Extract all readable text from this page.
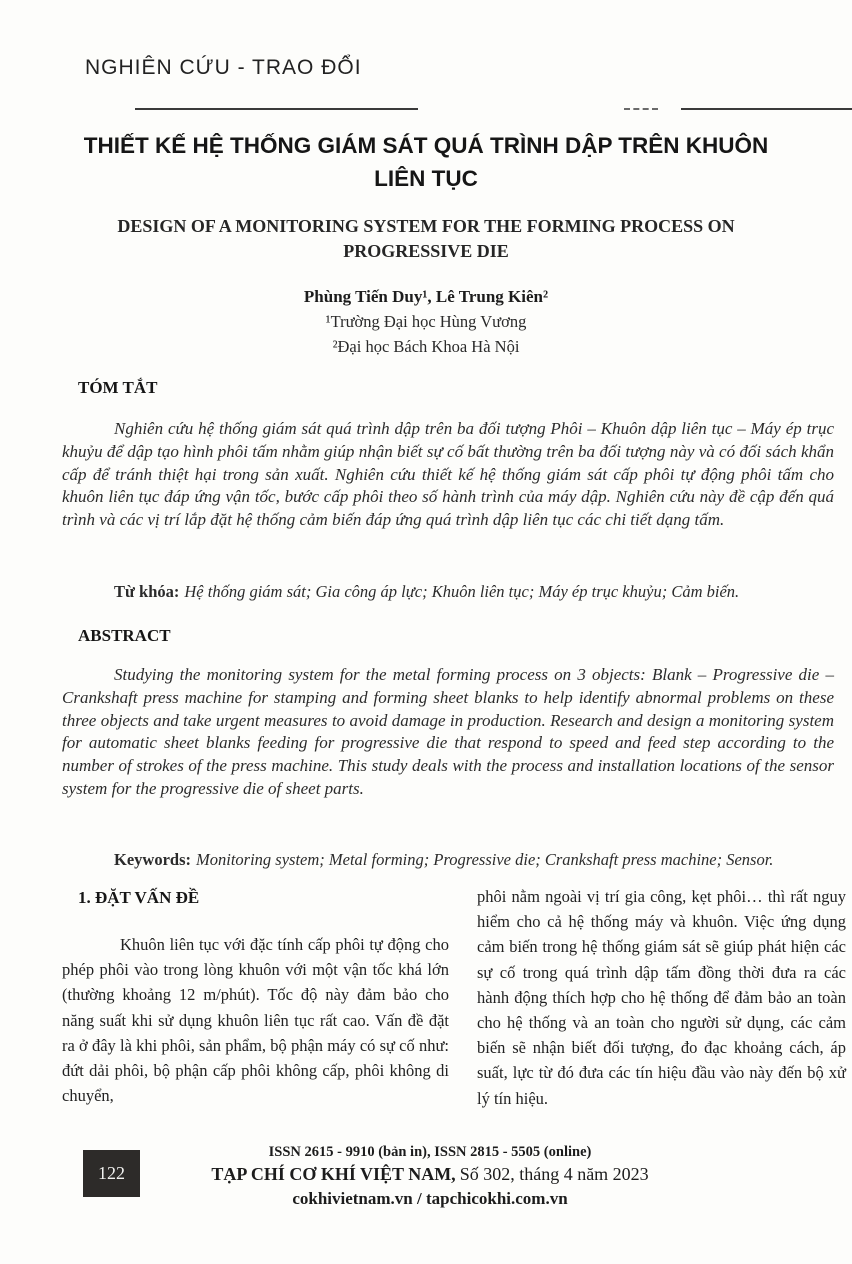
NGHIÊN CỨU - TRAO ĐỔI
THIẾT KẾ HỆ THỐNG GIÁM SÁT QUÁ TRÌNH DẬP TRÊN KHUÔN LIÊN TỤC
DESIGN OF A MONITORING SYSTEM FOR THE FORMING PROCESS ON PROGRESSIVE DIE
Phùng Tiến Duy¹, Lê Trung Kiên²
¹Trường Đại học Hùng Vương
²Đại học Bách Khoa Hà Nội
TÓM TẮT

Nghiên cứu hệ thống giám sát quá trình dập trên ba đối tượng Phôi – Khuôn dập liên tục – Máy ép trục khuỷu để dập tạo hình phôi tấm nhằm giúp nhận biết sự cố bất thường trên ba đối tượng này và có đối sách khẩn cấp để tránh thiệt hại trong sản xuất. Nghiên cứu thiết kế hệ thống giám sát cấp phôi tự động phôi tấm cho khuôn liên tục đáp ứng vận tốc, bước cấp phôi theo số hành trình của máy dập. Nghiên cứu này đề cập đến quá trình và các vị trí lắp đặt hệ thống cảm biến đáp ứng quá trình dập liên tục các chi tiết dạng tấm.

Từ khóa: Hệ thống giám sát; Gia công áp lực; Khuôn liên tục; Máy ép trục khuỷu; Cảm biến.

ABSTRACT

Studying the monitoring system for the metal forming process on 3 objects: Blank – Progressive die – Crankshaft press machine for stamping and forming sheet blanks to help identify abnormal problems on these three objects and take urgent measures to avoid damage in production. Research and design a monitoring system for automatic sheet blanks feeding for progressive die that respond to speed and feed step according to the number of strokes of the press machine. This study deals with the process and installation locations of the sensor system for the progressive die of sheet parts.

Keywords: Monitoring system; Metal forming; Progressive die; Crankshaft press machine; Sensor.

1. ĐẶT VẤN ĐỀ

Khuôn liên tục với đặc tính cấp phôi tự động cho phép phôi vào trong lòng khuôn với một vận tốc khá lớn (thường khoảng 12 m/phút). Tốc độ này đảm bảo cho năng suất khi sử dụng khuôn liên tục rất cao. Vấn đề đặt ra ở đây là khi phôi, sản phẩm, bộ phận máy có sự cố như: đứt dải phôi, bộ phận cấp phôi không cấp, phôi không di chuyển,

phôi nằm ngoài vị trí gia công, kẹt phôi… thì rất nguy hiểm cho cả hệ thống máy và khuôn. Việc ứng dụng cảm biến trong hệ thống giám sát sẽ giúp phát hiện các sự cố trong quá trình dập tấm đồng thời đưa ra các hành động thích hợp cho hệ thống để đảm bảo an toàn cho hệ thống và an toàn cho người sử dụng, các cảm biến sẽ nhận biết đối tượng, đo đạc khoảng cách, áp suất, lực từ đó đưa các tín hiệu đầu vào này đến bộ xử lý tín hiệu.

122
ISSN 2615 - 9910 (bản in), ISSN 2815 - 5505 (online)
TẠP CHÍ CƠ KHÍ VIỆT NAM, Số 302, tháng 4 năm 2023
cokhivietnam.vn / tapchicokhi.com.vn
